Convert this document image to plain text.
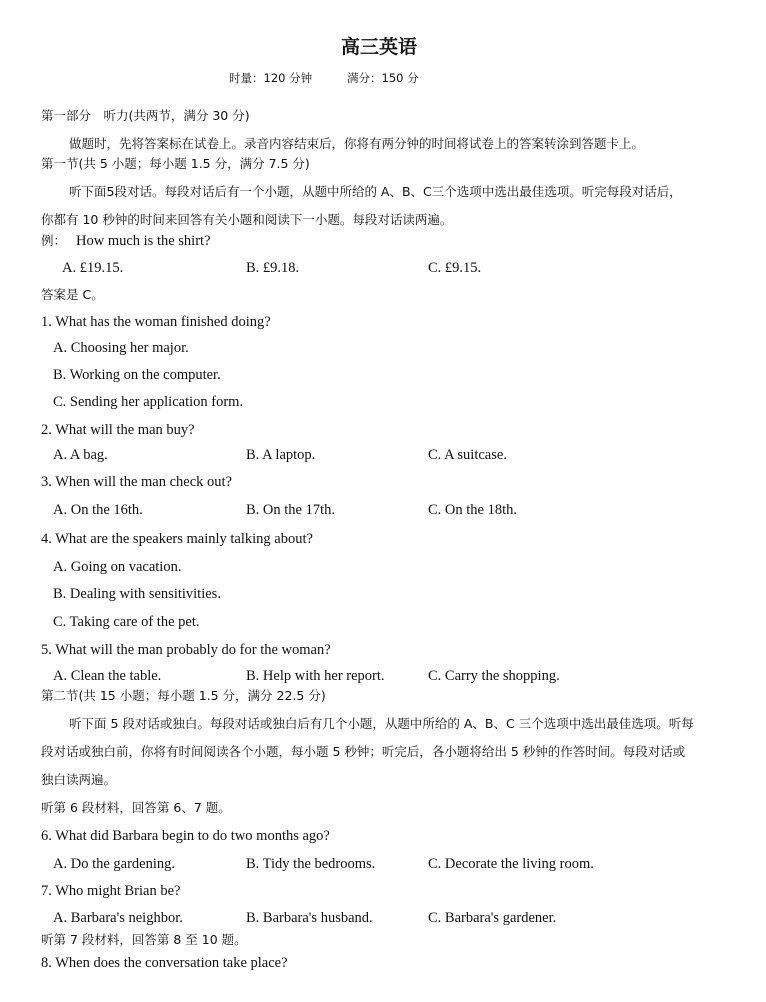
高三英语
时量：120 分钟	满分：150 分
第一部分　听力(共两节，满分 30 分)
做题时，先将答案标在试卷上。录音内容结束后，你将有两分钟的时间将试卷上的答案转涂到答题卡上。
第一节(共 5 小题；每小题 1.5 分，满分 7.5 分)
听下面5段对话。每段对话后有一个小题，从题中所给的 A、B、C三个选项中选出最佳选项。听完每段对话后，
你都有 10 秒钟的时间来回答有关小题和阅读下一小题。每段对话读两遍。
例： How much is the shirt?
A. £19.15.	B. £9.18.	C. £9.15.
答案是 C。
1. What has the woman finished doing?
A. Choosing her major.
B. Working on the computer.
C. Sending her application form.
2. What will the man buy?
A. A bag.	B. A laptop.	C. A suitcase.
3. When will the man check out?
A. On the 16th.	B. On the 17th.	C. On the 18th.
4. What are the speakers mainly talking about?
A. Going on vacation.
B. Dealing with sensitivities.
C. Taking care of the pet.
5. What will the man probably do for the woman?
A. Clean the table.	B. Help with her report.	C. Carry the shopping.
第二节(共 15 小题；每小题 1.5 分，满分 22.5 分)
听下面 5 段对话或独白。每段对话或独白后有几个小题，从题中所给的 A、B、C 三个选项中选出最佳选项。听每
段对话或独白前，你将有时间阅读各个小题，每小题 5 秒钟；听完后，各小题将给出 5 秒钟的作答时间。每段对话或
独白读两遍。
听第 6 段材料，回答第 6、7 题。
6. What did Barbara begin to do two months ago?
A. Do the gardening.	B. Tidy the bedrooms.	C. Decorate the living room.
7. Who might Brian be?
A. Barbara's neighbor.	B. Barbara's husband.	C. Barbara's gardener.
听第 7 段材料，回答第 8 至 10 题。
8. When does the conversation take place?
